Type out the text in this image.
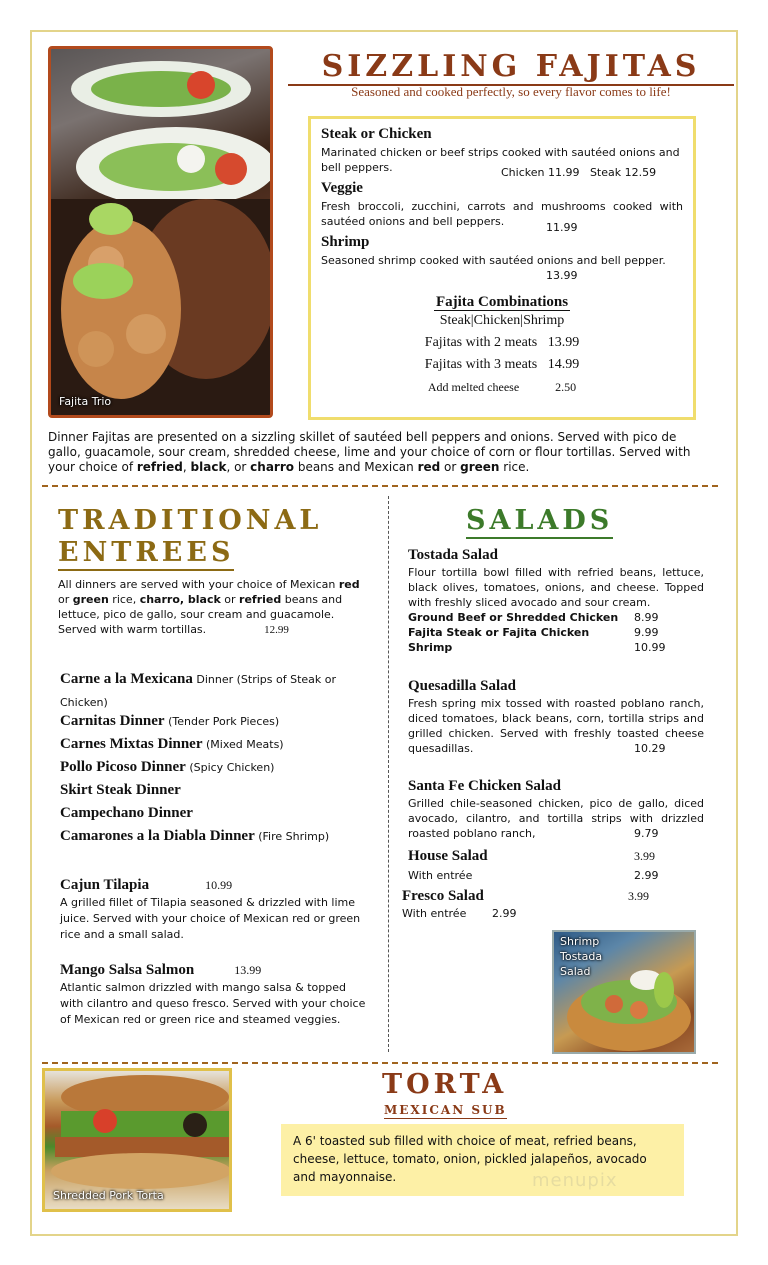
Fajita Trio
SIZZLING FAJITAS
Seasoned and cooked perfectly, so every flavor comes to life!
Steak or Chicken
Marinated chicken or beef strips cooked with sautéed onions and bell peppers.	Chicken 11.99   Steak 12.59
Veggie
Fresh broccoli, zucchini, carrots and mushrooms cooked with sautéed onions and bell peppers.	11.99
Shrimp
Seasoned shrimp cooked with sautéed onions and bell pepper.
13.99
Fajita Combinations
Steak|Chicken|Shrimp
Fajitas with 2 meats 13.99
Fajitas with 3 meats 14.99
Add melted cheese	2.50
Dinner Fajitas are presented on a sizzling skillet of sautéed bell peppers and onions. Served with pico de gallo, guacamole, sour cream, shredded cheese, lime and your choice of corn or flour tortillas. Served with your choice of refried, black, or charro beans and Mexican red or green rice.
TRADITIONAL
ENTREES
All dinners are served with your choice of Mexican red or green rice, charro, black or refried beans and lettuce, pico de gallo, sour cream and guacamole. Served with warm tortillas.	12.99
Carne a la Mexicana Dinner (Strips of Steak or Chicken)
Carnitas Dinner (Tender Pork Pieces)
Carnes Mixtas Dinner (Mixed Meats)
Pollo Picoso Dinner (Spicy Chicken)
Skirt Steak Dinner
Campechano Dinner
Camarones a la Diabla Dinner (Fire Shrimp)
Cajun Tilapia	10.99

A grilled fillet of Tilapia seasoned & drizzled with lime juice. Served with your choice of Mexican red or green rice and a small salad.

Mango Salsa Salmon	13.99

Atlantic salmon drizzled with mango salsa & topped with cilantro and queso fresco. Served with your choice of Mexican red or green rice and steamed veggies.

SALADS
Tostada Salad

Flour tortilla bowl filled with refried beans, lettuce, black olives, tomatoes, onions, and cheese. Topped with freshly sliced avocado and sour cream.

Ground Beef or Shredded Chicken	8.99
Fajita Steak or Fajita Chicken	9.99
Shrimp	10.99
Quesadilla Salad

Fresh spring mix tossed with roasted poblano ranch, diced tomatoes, black beans, corn, tortilla strips and grilled chicken. Served with freshly toasted cheese quesadillas.	10.29
Santa Fe Chicken Salad

Grilled chile-seasoned chicken, pico de gallo, diced avocado, cilantro, and tortilla strips with drizzled roasted poblano ranch,	9.79
House Salad	3.99
With entrée	2.99
Fresco Salad	3.99
With entrée	2.99
Shrimp Tostada Salad
Shredded Pork Torta
TORTA
MEXICAN SUB
A 6' toasted sub filled with choice of meat, refried beans, cheese, lettuce, tomato, onion, pickled jalapeños, avocado and mayonnaise.	menupix
